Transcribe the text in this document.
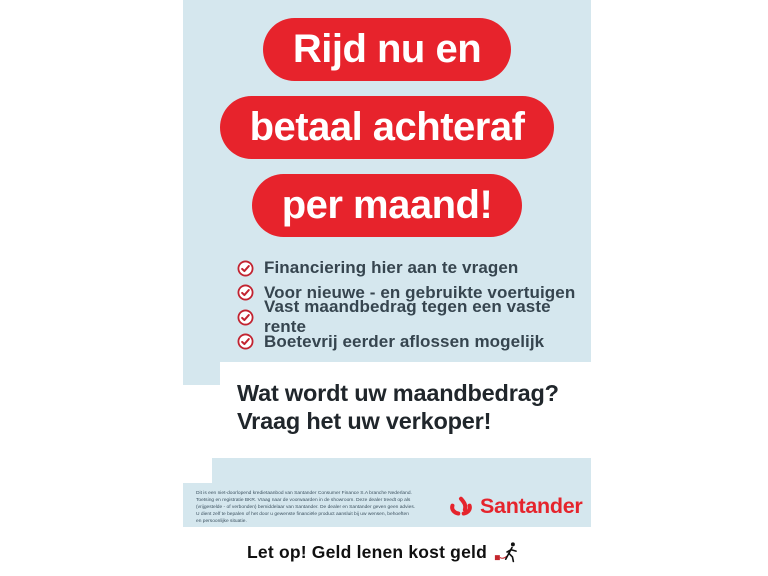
Rijd nu en
betaal achteraf
per maand!
Financiering hier aan te vragen
Voor nieuwe - en gebruikte voertuigen
Vast maandbedrag tegen een vaste rente
Boetevrij eerder aflossen mogelijk
Wat wordt uw maandbedrag?
Vraag het uw verkoper!
Dit is een niet-doorlopend kredietaanbod van Santander Consumer Finance S.A branche Nederland.
Toetsing en registratie BKR. Vraag naar de voorwaarden in de showroom. Deze dealer treedt op als
(vrijgestelde - of verbonden) bemiddelaar van Santander. De dealer en Santander geven geen advies.
U dient zelf te bepalen of het door u gewenste financiële product aansluit bij uw wensen, behoeften
en persoonlijke situatie.
Santander
Let op! Geld lenen kost geld
